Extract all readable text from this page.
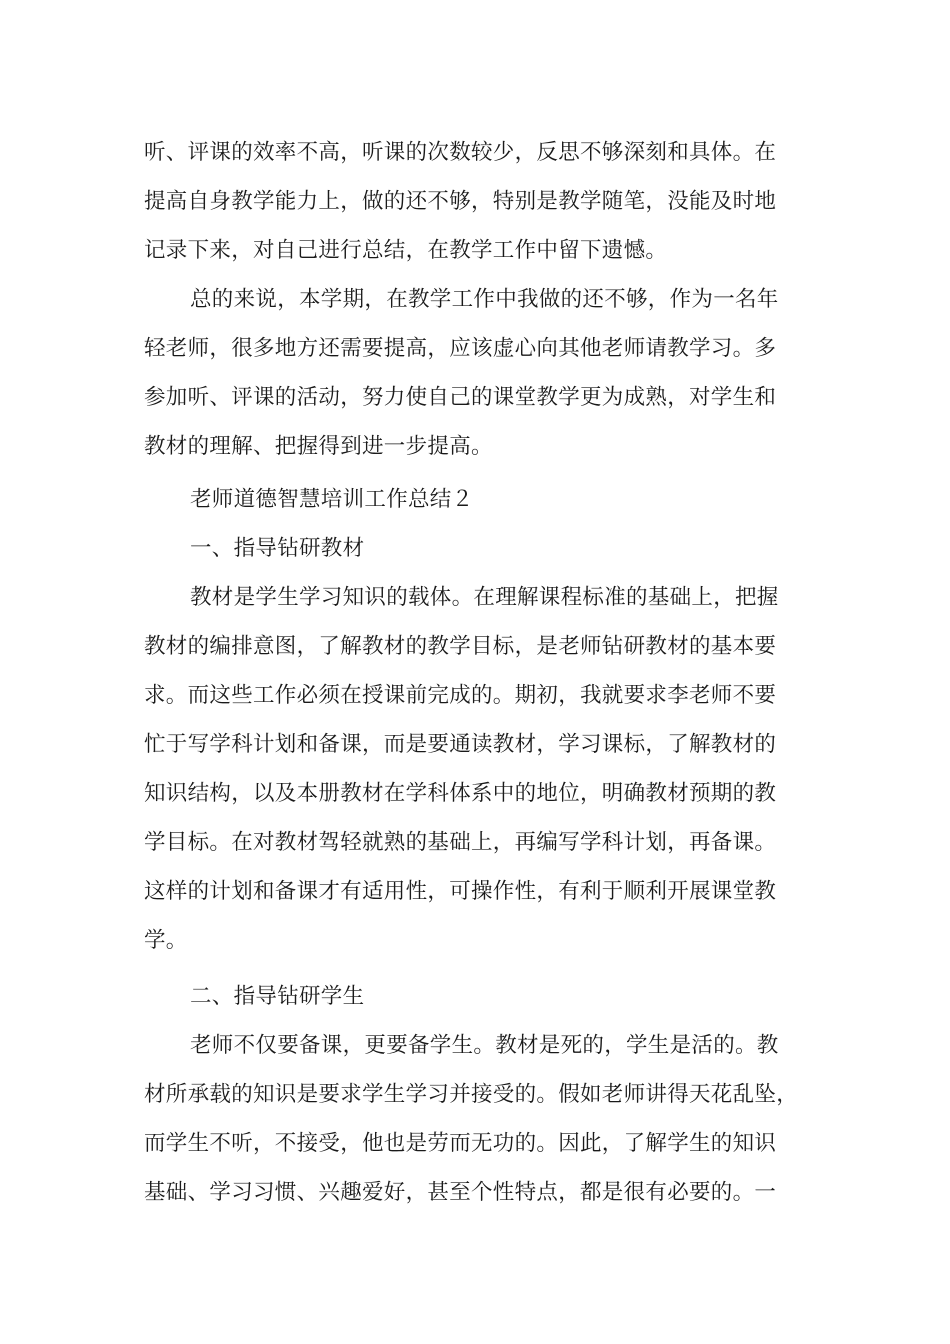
听、评课的效率不高，听课的次数较少，反思不够深刻和具体。在
提高自身教学能力上，做的还不够，特别是教学随笔，没能及时地
记录下来，对自己进行总结，在教学工作中留下遗憾。
总的来说，本学期，在教学工作中我做的还不够，作为一名年
轻老师，很多地方还需要提高，应该虚心向其他老师请教学习。多
参加听、评课的活动，努力使自己的课堂教学更为成熟，对学生和
教材的理解、把握得到进一步提高。
老师道德智慧培训工作总结２
一、指导钻研教材
教材是学生学习知识的载体。在理解课程标准的基础上，把握
教材的编排意图，了解教材的教学目标，是老师钻研教材的基本要
求。而这些工作必须在授课前完成的。期初，我就要求李老师不要
忙于写学科计划和备课，而是要通读教材，学习课标，了解教材的
知识结构，以及本册教材在学科体系中的地位，明确教材预期的教
学目标。在对教材驾轻就熟的基础上，再编写学科计划，再备课。
这样的计划和备课才有适用性，可操作性，有利于顺利开展课堂教
学。
二、指导钻研学生
老师不仅要备课，更要备学生。教材是死的，学生是活的。教
材所承载的知识是要求学生学习并接受的。假如老师讲得天花乱坠，
而学生不听，不接受，他也是劳而无功的。因此，了解学生的知识
基础、学习习惯、兴趣爱好，甚至个性特点，都是很有必要的。一
